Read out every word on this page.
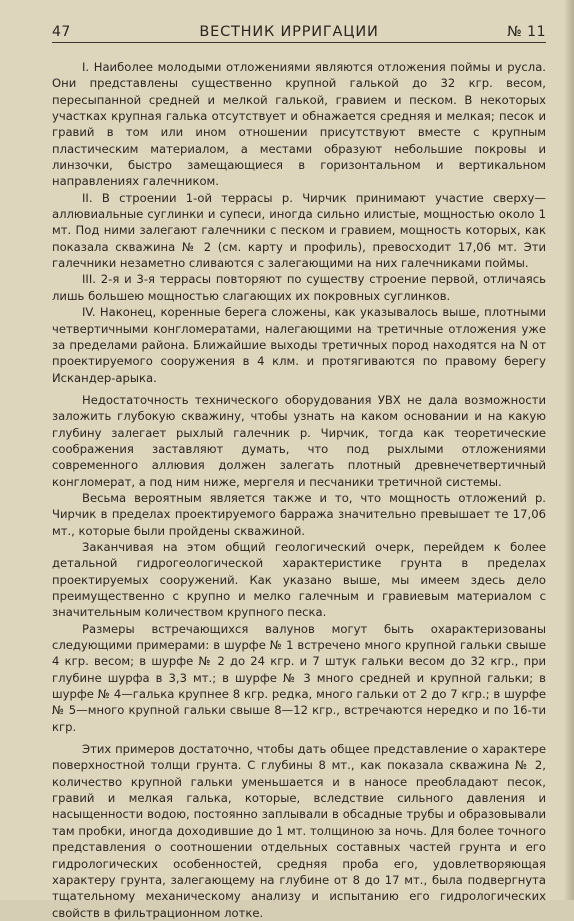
47	ВЕСТНИК ИРРИГАЦИИ	№ 11

I. Наиболее молодыми отложениями являются отложения поймы и русла. Они представлены существенно крупной галькой до 32 кгр. весом, пересыпанной средней и мелкой галькой, гравием и песком. В некоторых участках крупная галька отсутствует и обнажается средняя и мелкая; песок и гравий в том или ином отношении присутствуют вместе с крупным пластическим материалом, а местами образуют небольшие покровы и линзочки, быстро замещающиеся в горизонтальном и вертикальном направлениях галечником.

II. В строении 1-ой террасы р. Чирчик принимают участие сверху—аллювиальные суглинки и супеси, иногда сильно илистые, мощностью около 1 мт. Под ними залегают галечники с песком и гравием, мощность которых, как показала скважина № 2 (см. карту и профиль), превосходит 17,06 мт. Эти галечники незаметно сливаются с залегающими на них галечниками поймы.

III. 2-я и 3-я террасы повторяют по существу строение первой, отличаясь лишь большею мощностью слагающих их покровных суглинков.

IV. Наконец, коренные берега сложены, как указывалось выше, плотными четвертичными конгломератами, налегающими на третичные отложения уже за пределами района. Ближайшие выходы третичных пород находятся на N от проектируемого сооружения в 4 клм. и протягиваются по правому берегу Искандер-арыка.

Недостаточность технического оборудования УВХ не дала возможности заложить глубокую скважину, чтобы узнать на каком основании и на какую глубину залегает рыхлый галечник р. Чирчик, тогда как теоретические соображения заставляют думать, что под рыхлыми отложениями современного аллювия должен залегать плотный древнечетвертичный конгломерат, а под ним ниже, мергеля и песчаники третичной системы.

Весьма вероятным является также и то, что мощность отложений р. Чирчик в пределах проектируемого барража значительно превышает те 17,06 мт., которые были пройдены скважиной.

Заканчивая на этом общий геологический очерк, перейдем к более детальной гидрогеологической характеристике грунта в пределах проектируемых сооружений. Как указано выше, мы имеем здесь дело преимущественно с крупно и мелко галечным и гравиевым материалом с значительным количеством крупного песка.

Размеры встречающихся валунов могут быть охарактеризованы следующими примерами: в шурфе № 1 встречено много крупной гальки свыше 4 кгр. весом; в шурфе № 2 до 24 кгр. и 7 штук гальки весом до 32 кгр., при глубине шурфа в 3,3 мт.; в шурфе № 3 много средней и крупной гальки; в шурфе № 4—галька крупнее 8 кгр. редка, много гальки от 2 до 7 кгр.; в шурфе № 5—много крупной гальки свыше 8—12 кгр., встречаются нередко и по 16-ти кгр.

Этих примеров достаточно, чтобы дать общее представление о характере поверхностной толщи грунта. С глубины 8 мт., как показала скважина № 2, количество крупной гальки уменьшается и в наносе преобладают песок, гравий и мелкая галька, которые, вследствие сильного давления и насыщенности водою, постоянно заплывали в обсадные трубы и образовывали там пробки, иногда доходившие до 1 мт. толщиною за ночь. Для более точного представления о соотношении отдельных составных частей грунта и его гидрологических особенностей, средняя проба его, удовлетворяющая характеру грунта, залегающему на глубине от 8 до 17 мт., была подвергнута тщательному механическому анализу и испытанию его гидрологических свойств в фильтрационном лотке.
